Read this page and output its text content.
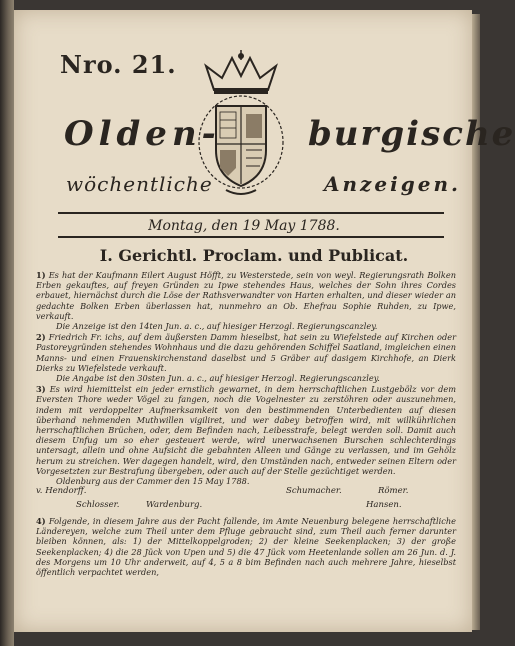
Nro. 21.
Olden-	burgische
wöchentliche	Anzeigen.
Montag, den 19 May 1788.
I. Gerichtl. Proclam. und Publicat.

1) Es hat der Kaufmann Eilert August Höfft, zu Westerstede, sein von weyl. Regierungsrath Bolken Erben gekauftes, auf freyen Gründen zu Ipwe stehendes Haus, welches der Sohn ihres Cordes erbauet, hiernächst durch die Löse der Rathsverwandter von Harten erhalten, und dieser wieder an gedachte Bolken Erben überlassen hat, nunmehro an Ob. Ehefrau Sophie Ruhden, zu Ipwe, verkauft.
Die Anzeige ist den 14ten Jun. a. c., auf hiesiger Herzogl. Regierungscanzley.

2) Friedrich Fr. ichs, auf dem äußersten Damm hieselbst, hat sein zu Wiefelstede auf Kirchen oder Pastoreygründen stehendes Wohnhaus und die dazu gehörenden Schiffel Saatland, imgleichen einen Manns- und einen Frauenskirchenstand daselbst und 5 Gräber auf dasigem Kirchhofe, an Dierk Dierks zu Wiefelstede verkauft.
Die Angabe ist den 30sten Jun. a. c., auf hiesiger Herzogl. Regierungscanzley.

3) Es wird hiemittelst ein jeder ernstlich gewarnet, in dem herrschaftlichen Lustgebölz vor dem Eversten Thore weder Vögel zu fangen, noch die Vogelnester zu zerstöhren oder auszunehmen, indem mit verdoppelter Aufmerksamkeit von den bestimmenden Unterbedienten auf diesen überhand nehmenden Muthwillen vigiliret, und wer dabey betroffen wird, mit willkührlichen herrschaftlichen Brüchen, oder, dem Befinden nach, Leibesstrafe, belegt werden soll. Damit auch diesem Unfug um so eher gesteuert werde, wird unerwachsenen Burschen schlechterdings untersagt, allein und ohne Aufsicht die gebahnten Alleen und Gänge zu verlassen, und im Gehölz herum zu streichen. Wer dagegen handelt, wird, den Umständen nach, entweder seinen Eltern oder Vorgesetzten zur Bestrafung übergeben, oder auch auf der Stelle gezüchtiget werden.
Oldenburg aus der Cammer den 15 May 1788.

v. Hendorff.	Schumacher.	Römer.
Schlosser.	Wardenburg.	Hansen.

4) Folgende, in diesem Jahre aus der Pacht fallende, im Amte Neuenburg belegene herrschaftliche Ländereyen, welche zum Theil unter dem Pfluge gebraucht sind, zum Theil auch ferner darunter bleiben können, als: 1) der Mittelkoppelgroden; 2) der kleine Seekenplacken; 3) der große Seekenplacken; 4) die 28 Jück von Upen und 5) die 47 Jück vom Heetenlande sollen am 26 Jun. d. J. des Morgens um 10 Uhr anderweit, auf 4, 5 a 8 bim Befinden nach auch mehrere Jahre, hieselbst öffentlich verpachtet werden,
